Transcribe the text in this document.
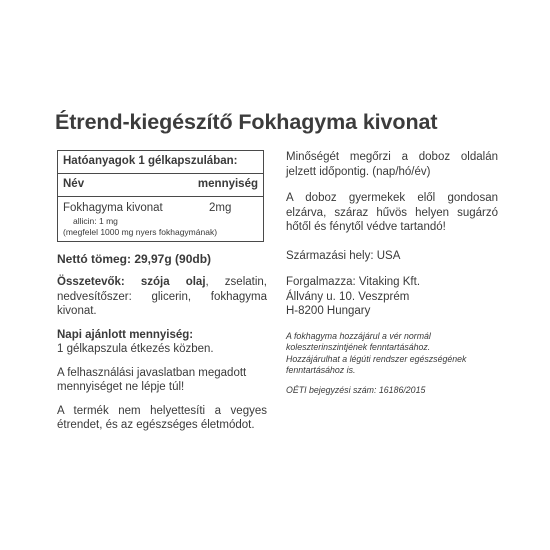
Étrend-kiegészítő Fokhagyma kivonat
Hatóanyagok 1 gélkapszulában:
Név	mennyiség
Fokhagyma kivonat	2mg
allicin: 1 mg
(megfelel 1000 mg nyers fokhagymának)
Nettó tömeg: 29,97g (90db)
Összetevők: szója olaj, zselatin, nedvesítőszer: glicerin, fokhagyma kivonat.
Napi ajánlott mennyiség:
1 gélkapszula étkezés közben.
A felhasználási javaslatban megadott mennyiséget ne lépje túl!
A termék nem helyettesíti a vegyes étrendet, és az egészséges életmódot.
Minőségét megőrzi a doboz oldalán jelzett időpontig. (nap/hó/év)
A doboz gyermekek elől gondosan elzárva, száraz hűvös helyen sugárzó hőtől és fénytől védve tartandó!
Származási hely: USA
Forgalmazza: Vitaking Kft.
Állvány u. 10. Veszprém
H-8200 Hungary
A fokhagyma hozzájárul a vér normál koleszterinszintjének fenntartásához.
Hozzájárulhat a légúti rendszer egészségének fenntartásához is.
OÉTI bejegyzési szám: 16186/2015
